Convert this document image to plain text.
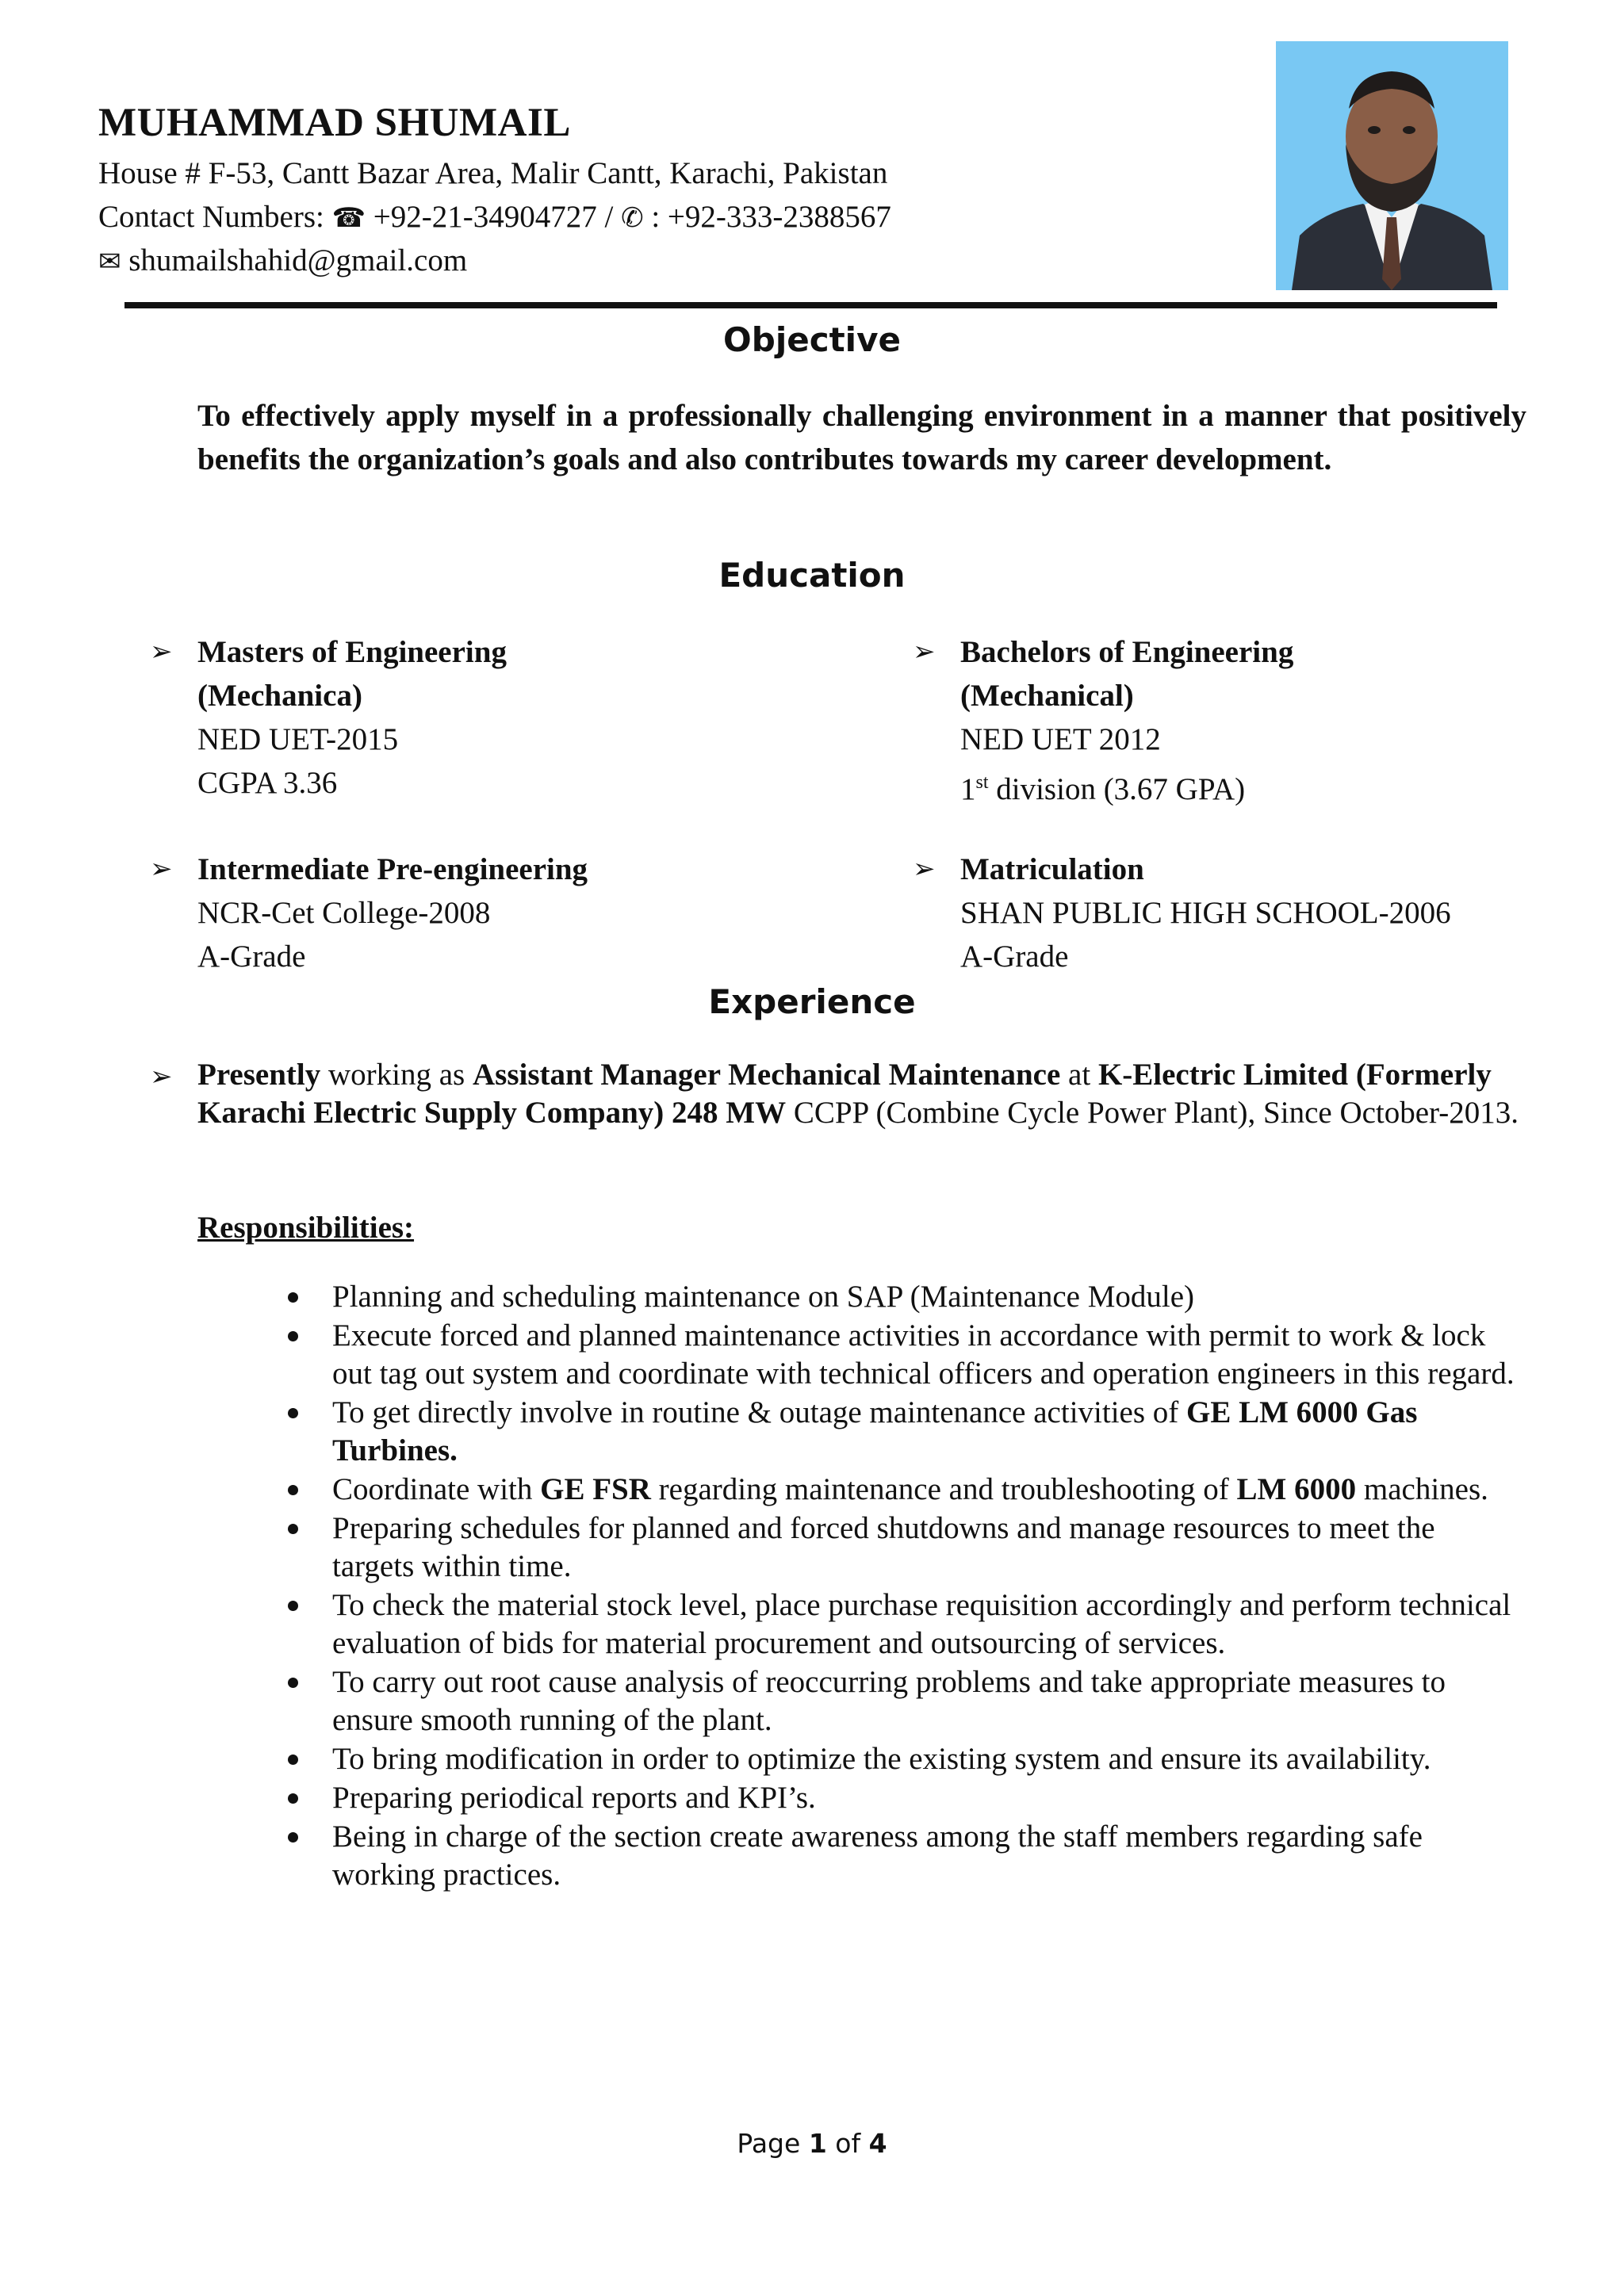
MUHAMMAD SHUMAIL
House # F-53, Cantt Bazar Area, Malir Cantt, Karachi, Pakistan
Contact Numbers: ☎ +92-21-34904727 / ✆ : +92-333-2388567
✉ shumailshahid@gmail.com
Objective
To effectively apply myself in a professionally challenging environment in a manner that positively benefits the organization’s goals and also contributes towards my career development.
Education
➢ Masters of Engineering
(Mechanica)
NED UET-2015
CGPA 3.36
➢ Bachelors of Engineering
(Mechanical)
NED UET 2012
1st division (3.67 GPA)
➢ Intermediate Pre-engineering
NCR-Cet College-2008
A-Grade
➢ Matriculation
SHAN PUBLIC HIGH SCHOOL-2006
A-Grade
Experience
➢ Presently working as Assistant Manager Mechanical Maintenance at K-Electric Limited (Formerly Karachi Electric Supply Company) 248 MW CCPP (Combine Cycle Power Plant), Since October-2013.
Responsibilities:
Planning and scheduling maintenance on SAP (Maintenance Module)
Execute forced and planned maintenance activities in accordance with permit to work & lock out tag out system and coordinate with technical officers and operation engineers in this regard.
To get directly involve in routine & outage maintenance activities of GE LM 6000 Gas Turbines.
Coordinate with GE FSR regarding maintenance and troubleshooting of LM 6000 machines.
Preparing schedules for planned and forced shutdowns and manage resources to meet the targets within time.
To check the material stock level, place purchase requisition accordingly and perform technical evaluation of bids for material procurement and outsourcing of services.
To carry out root cause analysis of reoccurring problems and take appropriate measures to ensure smooth running of the plant.
To bring modification in order to optimize the existing system and ensure its availability.
Preparing periodical reports and KPI’s.
Being in charge of the section create awareness among the staff members regarding safe working practices.
Page 1 of 4
